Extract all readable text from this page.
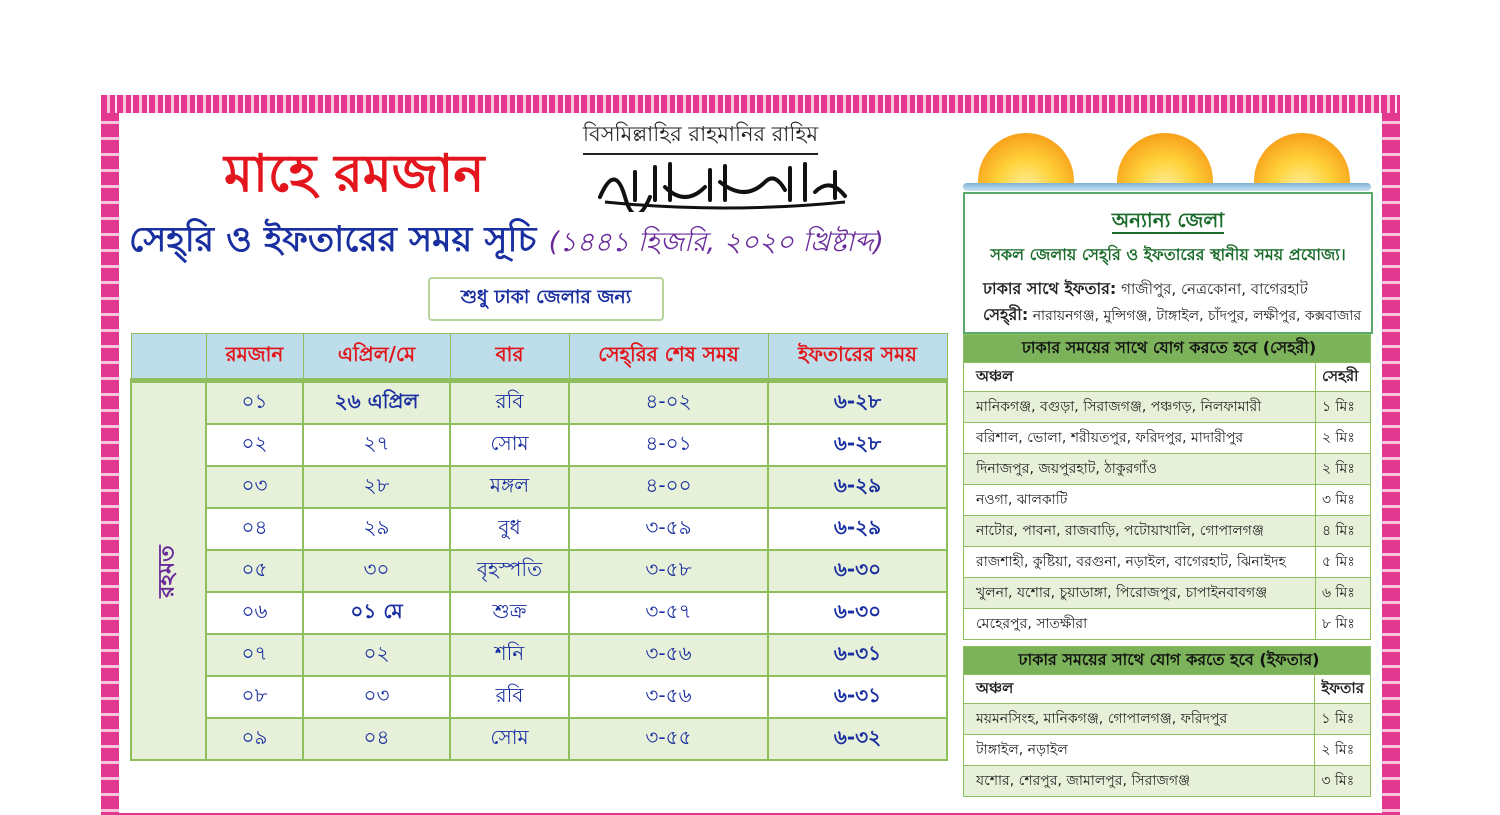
মাহে রমজান
বিসমিল্লাহির রাহমানির রাহিম
সেহ্‌রি ও ইফতারের সময় সূচি (১৪৪১ হিজরি, ২০২০ খ্রিষ্টাব্দ)
শুধু ঢাকা জেলার জন্য
	রমজান	এপ্রিল/মে	বার	সেহ্‌রির শেষ সময়	ইফতারের সময়
রহমত	০১	২৬ এপ্রিল	রবি	৪-০২	৬-২৮
	০২	২৭	সোম	৪-০১	৬-২৮
	০৩	২৮	মঙ্গল	৪-০০	৬-২৯
	০৪	২৯	বুধ	৩-৫৯	৬-২৯
	০৫	৩০	বৃহস্পতি	৩-৫৮	৬-৩০
	০৬	০১ মে	শুক্র	৩-৫৭	৬-৩০
	০৭	০২	শনি	৩-৫৬	৬-৩১
	০৮	০৩	রবি	৩-৫৬	৬-৩১
	০৯	০৪	সোম	৩-৫৫	৬-৩২
অন্যান্য জেলা
সকল জেলায় সেহ্‌রি ও ইফতারের স্থানীয় সময় প্রযোজ্য।
ঢাকার সাথে ইফতার: গাজীপুর, নেত্রকোনা, বাগেরহাট
সেহ্‌রী: নারায়নগঞ্জ, মুন্সিগঞ্জ, টাঙ্গাইল, চাঁদপুর, লক্ষীপুর, কক্সবাজার
ঢাকার সময়ের সাথে যোগ করতে হবে (সেহরী)	
অঞ্চল	সেহরী
মানিকগঞ্জ, বগুড়া, সিরাজগঞ্জ, পঞ্চগড়, নিলফামারী	১ মিঃ
বরিশাল, ভোলা, শরীয়তপুর, ফরিদপুর, মাদারীপুর	২ মিঃ
দিনাজপুর, জয়পুরহাট, ঠাকুরগাঁও	২ মিঃ
নওগা, ঝালকাটি	৩ মিঃ
নাটোর, পাবনা, রাজবাড়ি, পটোয়াখালি, গোপালগঞ্জ	৪ মিঃ
রাজশাহী, কুষ্টিয়া, বরগুনা, নড়াইল, বাগেরহাট, ঝিনাইদহ	৫ মিঃ
খুলনা, যশোর, চুয়াডাঙ্গা, পিরোজপুর, চাপাইনবাবগঞ্জ	৬ মিঃ
মেহেরপুর, সাতক্ষীরা	৮ মিঃ
ঢাকার সময়ের সাথে যোগ করতে হবে (ইফতার)	
অঞ্চল	ইফতার
ময়মনসিংহ, মানিকগঞ্জ, গোপালগঞ্জ, ফরিদপুর	১ মিঃ
টাঙ্গাইল, নড়াইল	২ মিঃ
যশোর, শেরপুর, জামালপুর, সিরাজগঞ্জ	৩ মিঃ
